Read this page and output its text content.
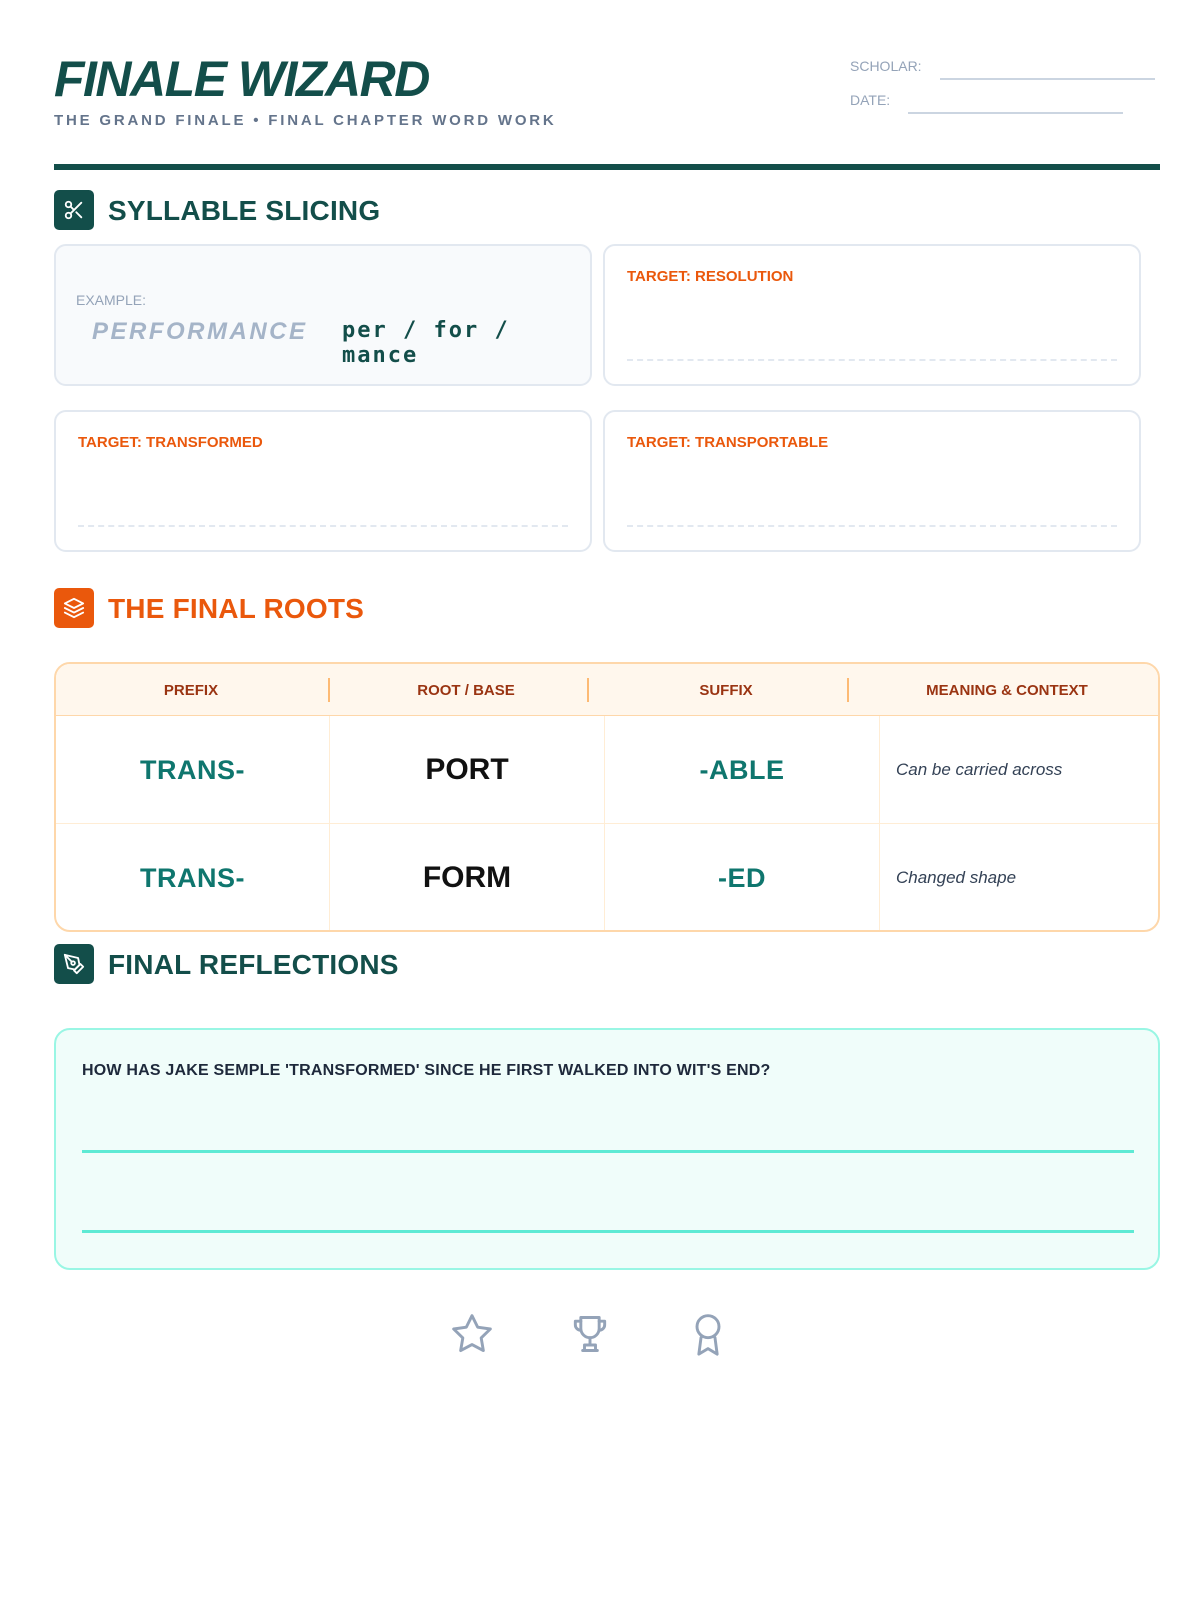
FINALE WIZARD
THE GRAND FINALE • FINAL CHAPTER WORD WORK
SCHOLAR:
DATE:
SYLLABLE SLICING
EXAMPLE:
PERFORMANCE per / for / mance
TARGET: RESOLUTION
TARGET: TRANSFORMED	TARGET: TRANSPORTABLE
THE FINAL ROOTS
PREFIX	ROOT / BASE	SUFFIX	MEANING & CONTEXT
TRANS-	PORT	-ABLE	Can be carried across
TRANS-	FORM	-ED	Changed shape
FINAL REFLECTIONS
HOW HAS JAKE SEMPLE 'TRANSFORMED' SINCE HE FIRST WALKED INTO WIT'S END?
